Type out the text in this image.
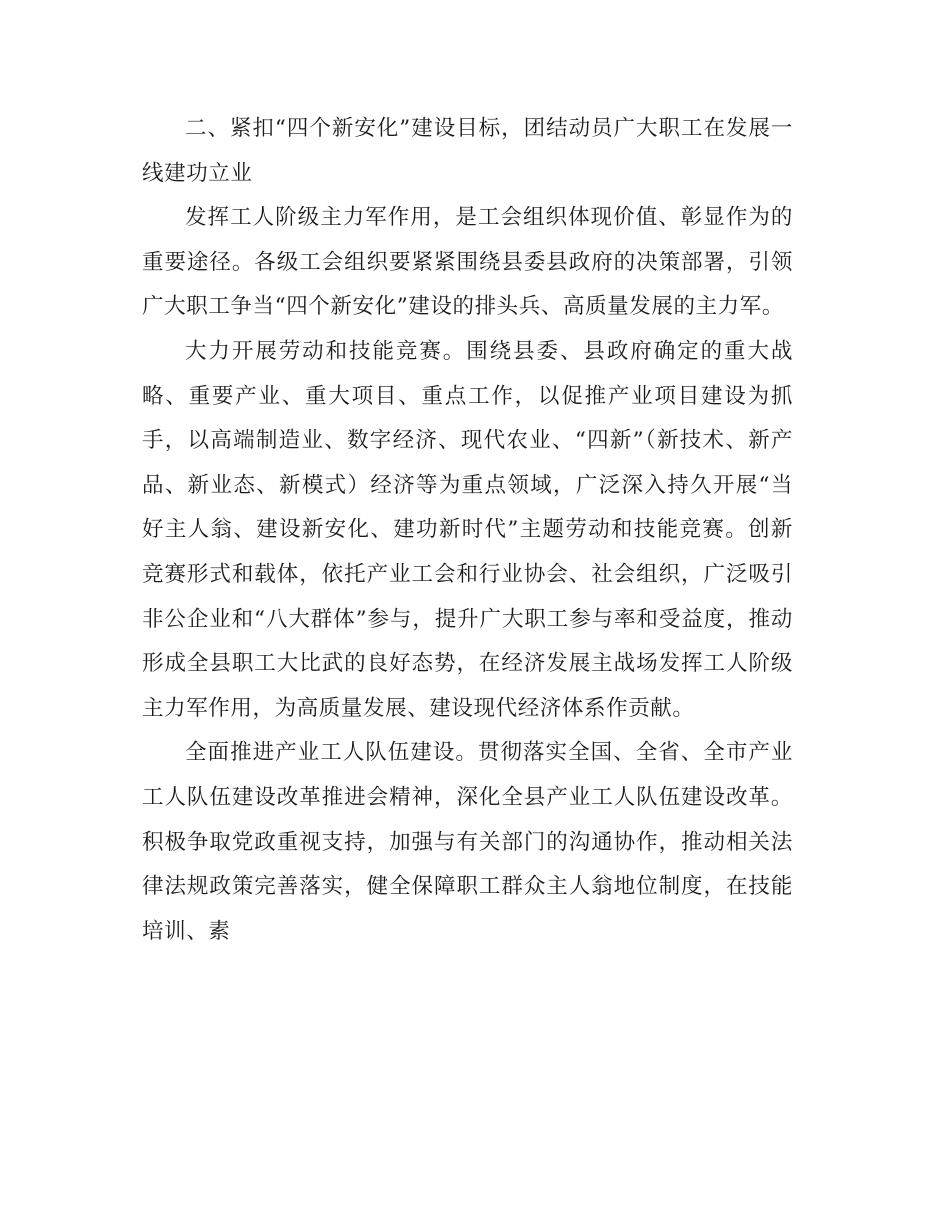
二、紧扣“四个新安化”建设目标，团结动员广大职工在发展一线建功立业

发挥工人阶级主力军作用，是工会组织体现价值、彰显作为的重要途径。各级工会组织要紧紧围绕县委县政府的决策部署，引领广大职工争当“四个新安化”建设的排头兵、高质量发展的主力军。

大力开展劳动和技能竞赛。围绕县委、县政府确定的重大战略、重要产业、重大项目、重点工作，以促推产业项目建设为抓手，以高端制造业、数字经济、现代农业、“四新”（新技术、新产品、新业态、新模式）经济等为重点领域，广泛深入持久开展“当好主人翁、建设新安化、建功新时代”主题劳动和技能竞赛。创新竞赛形式和载体，依托产业工会和行业协会、社会组织，广泛吸引非公企业和“八大群体”参与，提升广大职工参与率和受益度，推动形成全县职工大比武的良好态势，在经济发展主战场发挥工人阶级主力军作用，为高质量发展、建设现代经济体系作贡献。

全面推进产业工人队伍建设。贯彻落实全国、全省、全市产业工人队伍建设改革推进会精神，深化全县产业工人队伍建设改革。积极争取党政重视支持，加强与有关部门的沟通协作，推动相关法律法规政策完善落实，健全保障职工群众主人翁地位制度，在技能培训、素
